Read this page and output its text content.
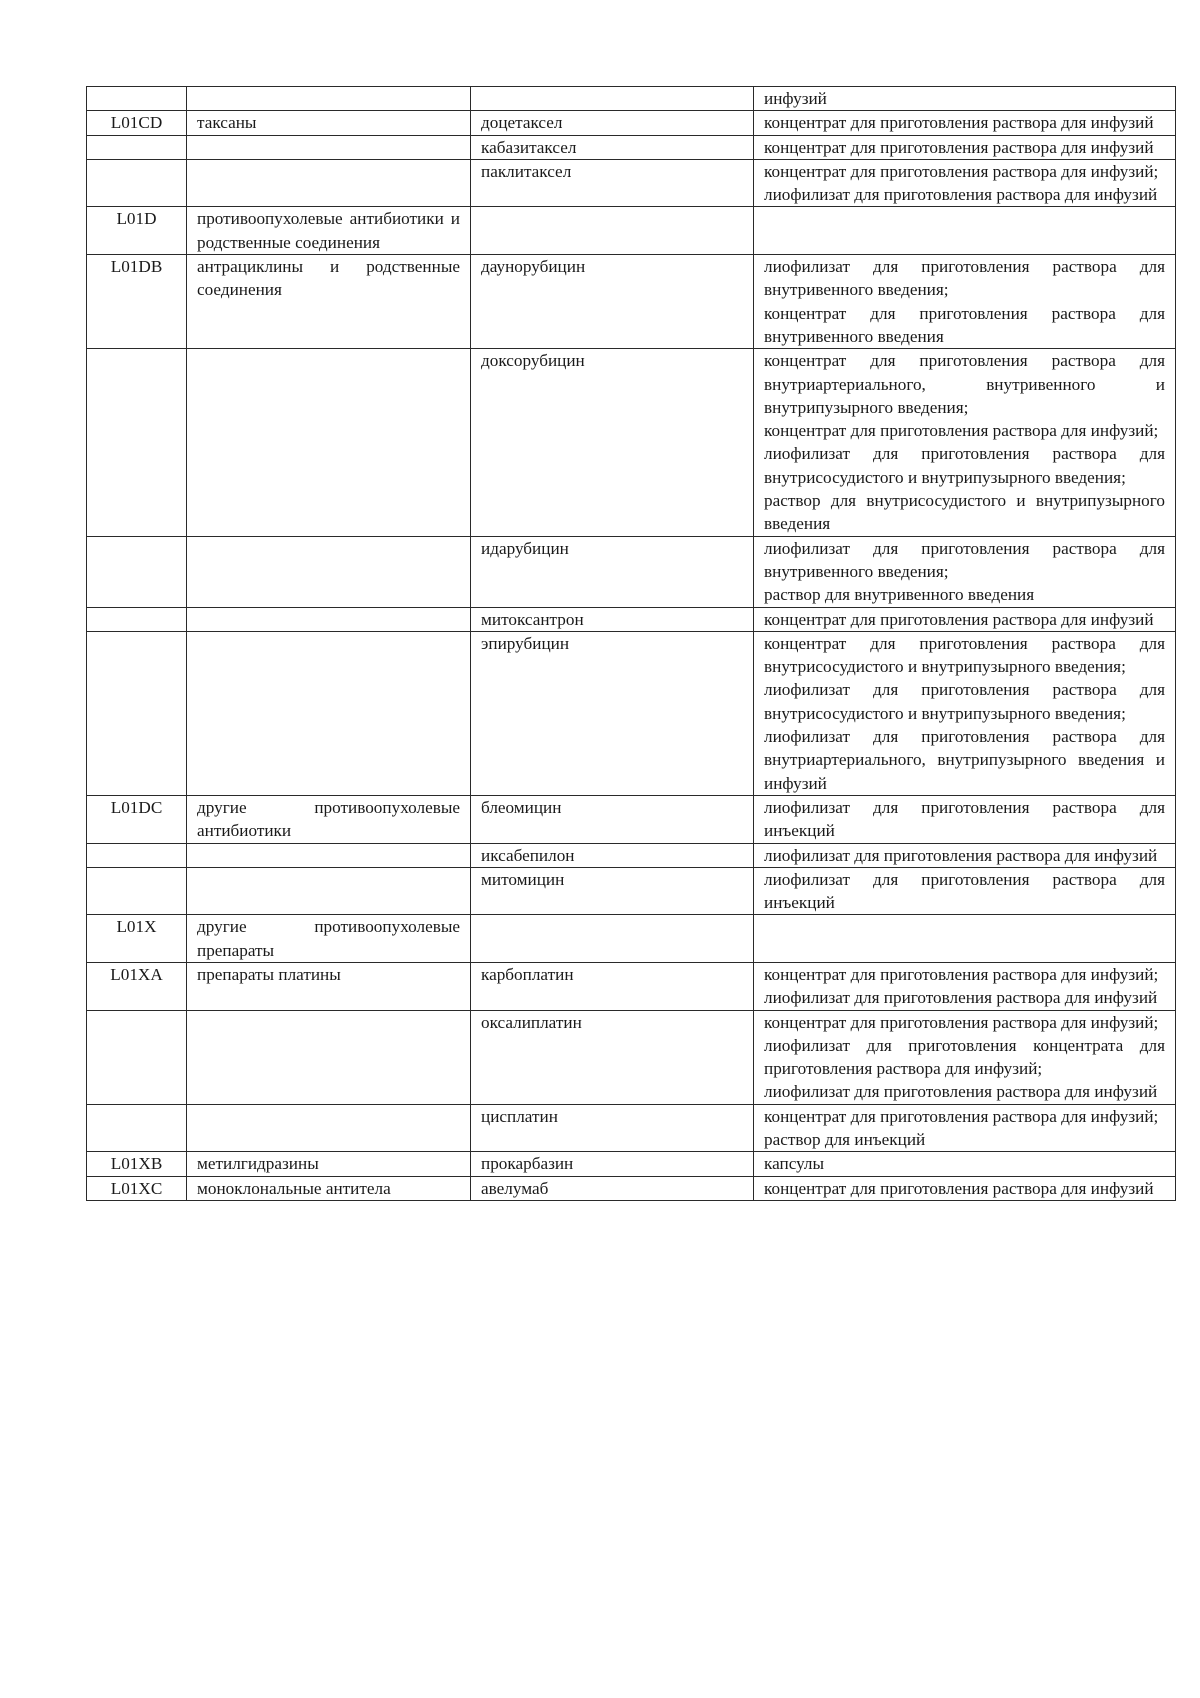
			инфузий

L01CD	таксаны	доцетаксел	концентрат для приготовления раствора для инфузий

		кабазитаксел	концентрат для приготовления раствора для инфузий

		паклитаксел	концентрат для приготовления раствора для инфузий;
лиофилизат для приготовления раствора для инфузий

L01D	противоопухолевые антибиотики и родственные соединения		
L01DB	антрациклины и родственные соединения	даунорубицин	лиофилизат для приготовления раствора для внутривенного введения;
концентрат для приготовления раствора для внутривенного введения

		доксорубицин	концентрат для приготовления раствора для внутриартериального, внутривенного и внутрипузырного введения;
концентрат для приготовления раствора для инфузий;
лиофилизат для приготовления раствора для внутрисосудистого и внутрипузырного введения;
раствор для внутрисосудистого и внутрипузырного введения

		идарубицин	лиофилизат для приготовления раствора для внутривенного введения;
раствор для внутривенного введения

		митоксантрон	концентрат для приготовления раствора для инфузий

		эпирубицин	концентрат для приготовления раствора для внутрисосудистого и внутрипузырного введения;
лиофилизат для приготовления раствора для внутрисосудистого и внутрипузырного введения;
лиофилизат для приготовления раствора для внутриартериального, внутрипузырного введения и инфузий

L01DC	другие противоопухолевые антибиотики	блеомицин	лиофилизат для приготовления раствора для инъекций

		иксабепилон	лиофилизат для приготовления раствора для инфузий

		митомицин	лиофилизат для приготовления раствора для инъекций

L01X	другие противоопухолевые препараты		
L01XA	препараты платины	карбоплатин	концентрат для приготовления раствора для инфузий;
лиофилизат для приготовления раствора для инфузий

		оксалиплатин	концентрат для приготовления раствора для инфузий;
лиофилизат для приготовления концентрата для приготовления раствора для инфузий;
лиофилизат для приготовления раствора для инфузий

		цисплатин	концентрат для приготовления раствора для инфузий;
раствор для инъекций

L01XB	метилгидразины	прокарбазин	капсулы

L01XC	моноклональные антитела	авелумаб	концентрат для приготовления раствора для инфузий
